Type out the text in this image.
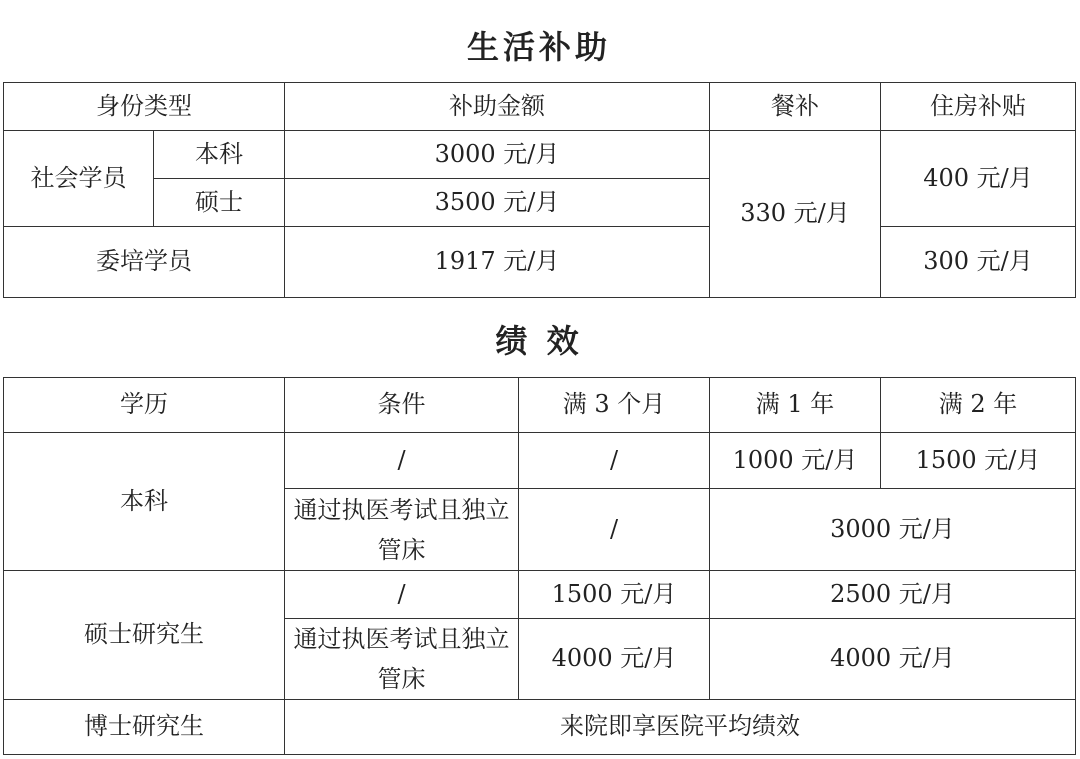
生活补助
身份类型		补助金额	餐补	住房补贴
社会学员	本科	3000 元/月	330 元/月	400 元/月
	硕士	3500 元/月		
委培学员		1917 元/月		300 元/月
绩 效
学历	条件	满 3 个月	满 1 年	满 2 年
本科	/	/	1000 元/月	1500 元/月
	通过执医考试且独立管床	/	3000 元/月	
硕士研究生	/	1500 元/月	2500 元/月	
	通过执医考试且独立管床	4000 元/月	4000 元/月	
博士研究生	来院即享医院平均绩效			
